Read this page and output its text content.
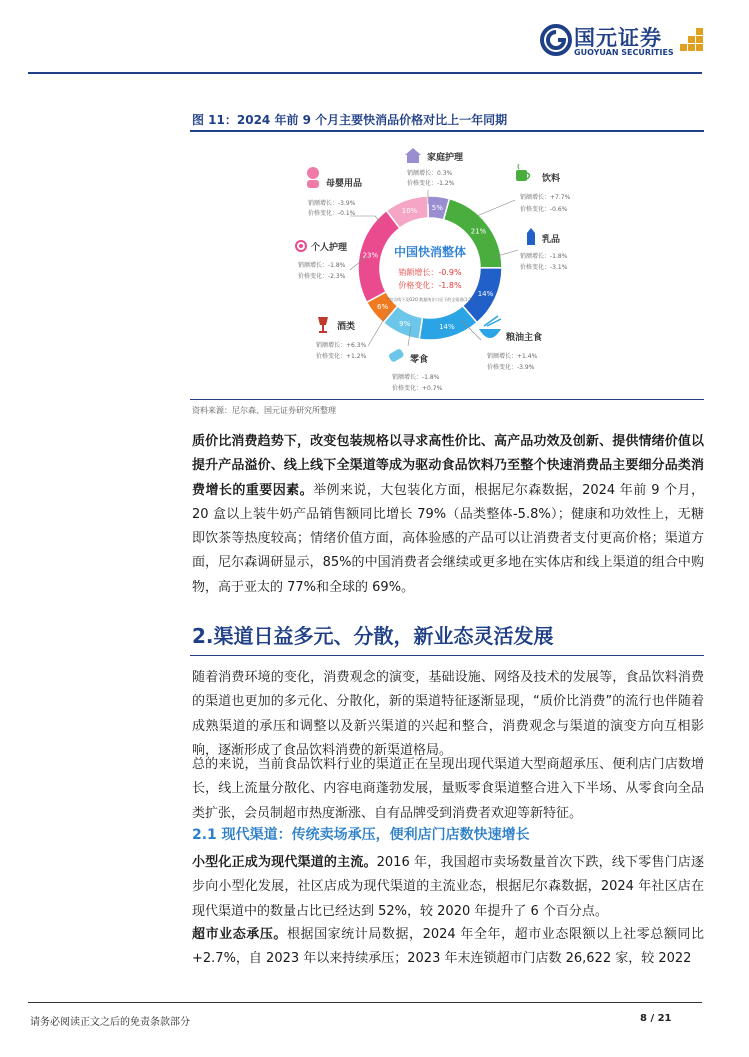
国元证券
GUOYUAN SECURITIES
图 11：2024 年前 9 个月主要快消品价格对比上一年同期
5%
21%
14%
14%
9%
6%
23%
10%
中国快消整体
销额增长：-0.9%
价格变化：-1.8%
*包含线下及O2O 数据统计口径下的全渠道(1:1)
家庭护理
销额增长：0.3%
价格变化：-1.2%
母婴用品
销额增长：-3.9%
价格变化：-0.1%
个人护理
销额增长：-1.8%
价格变化：-2.3%
酒类
销额增长：+6.3%
价格变化：+1.2%	零食
销额增长：-1.8%
价格变化：+0.7%
粮油主食
销额增长：+1.4%
价格变化：-3.9%
乳品
销额增长：-1.8%
价格变化：-3.1%
饮料
销额增长：+7.7%
价格变化：-0.6%
资料来源：尼尔森、国元证券研究所整理
质价比消费趋势下，改变包装规格以寻求高性价比、高产品功效及创新、提供情绪价值以提升产品溢价、线上线下全渠道等成为驱动食品饮料乃至整个快速消费品主要细分品类消费增长的重要因素。举例来说，大包装化方面，根据尼尔森数据，2024 年前 9 个月，20 盒以上装牛奶产品销售额同比增长 79%（品类整体-5.8%）；健康和功效性上，无糖即饮茶等热度较高；情绪价值方面，高体验感的产品可以让消费者支付更高价格；渠道方面，尼尔森调研显示，85%的中国消费者会继续或更多地在实体店和线上渠道的组合中购物，高于亚太的 77%和全球的 69%。
2.渠道日益多元、分散，新业态灵活发展
随着消费环境的变化，消费观念的演变，基础设施、网络及技术的发展等，食品饮料消费的渠道也更加的多元化、分散化，新的渠道特征逐渐显现，“质价比消费”的流行也伴随着成熟渠道的承压和调整以及新兴渠道的兴起和整合，消费观念与渠道的演变方向互相影响，逐渐形成了食品饮料消费的新渠道格局。
总的来说，当前食品饮料行业的渠道正在呈现出现代渠道大型商超承压、便利店门店数增长，线上流量分散化、内容电商蓬勃发展，量贩零食渠道整合进入下半场、从零食向全品类扩张，会员制超市热度渐涨、自有品牌受到消费者欢迎等新特征。
2.1 现代渠道：传统卖场承压，便利店门店数快速增长
小型化正成为现代渠道的主流。2016 年，我国超市卖场数量首次下跌，线下零售门店逐步向小型化发展，社区店成为现代渠道的主流业态，根据尼尔森数据，2024 年社区店在现代渠道中的数量占比已经达到 52%，较 2020 年提升了 6 个百分点。
超市业态承压。根据国家统计局数据，2024 年全年，超市业态限额以上社零总额同比+2.7%，自 2023 年以来持续承压；2023 年末连锁超市门店数 26,622 家，较 2022
请务必阅读正文之后的免责条款部分	8 / 21
